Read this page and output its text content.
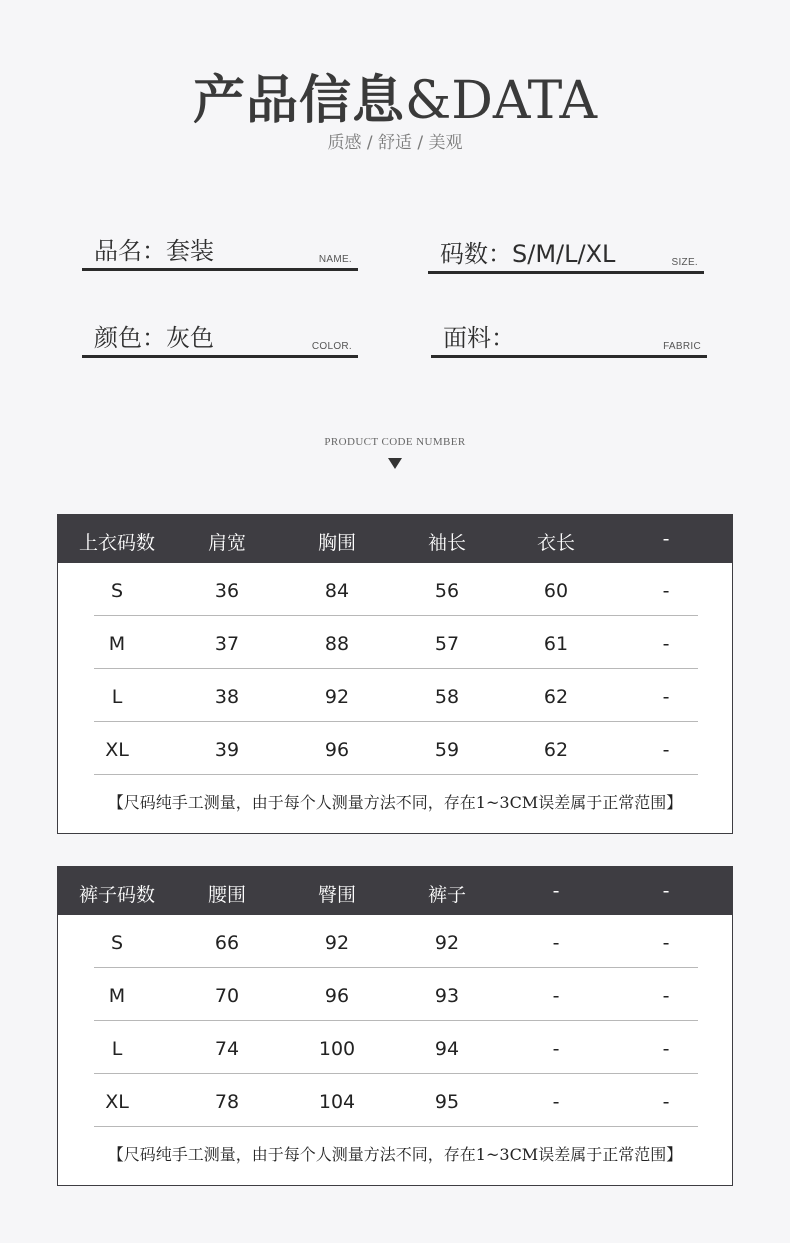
产品信息&DATA
质感 / 舒适 / 美观
品名：套装	NAME.	码数：S/M/L/XL	SIZE.
颜色：灰色	COLOR.	面料：	FABRIC
PRODUCT CODE NUMBER
上衣码数	肩宽	胸围	袖长	衣长	-
S	36	84	56	60	-
M	37	88	57	61	-
L	38	92	58	62	-
XL	39	96	59	62	-
【尺码纯手工测量，由于每个人测量方法不同，存在1~3CM误差属于正常范围】
裤子码数	腰围	臀围	裤子	-	-
S	66	92	92	-	-
M	70	96	93	-	-
L	74	100	94	-	-
XL	78	104	95	-	-
【尺码纯手工测量，由于每个人测量方法不同，存在1~3CM误差属于正常范围】
